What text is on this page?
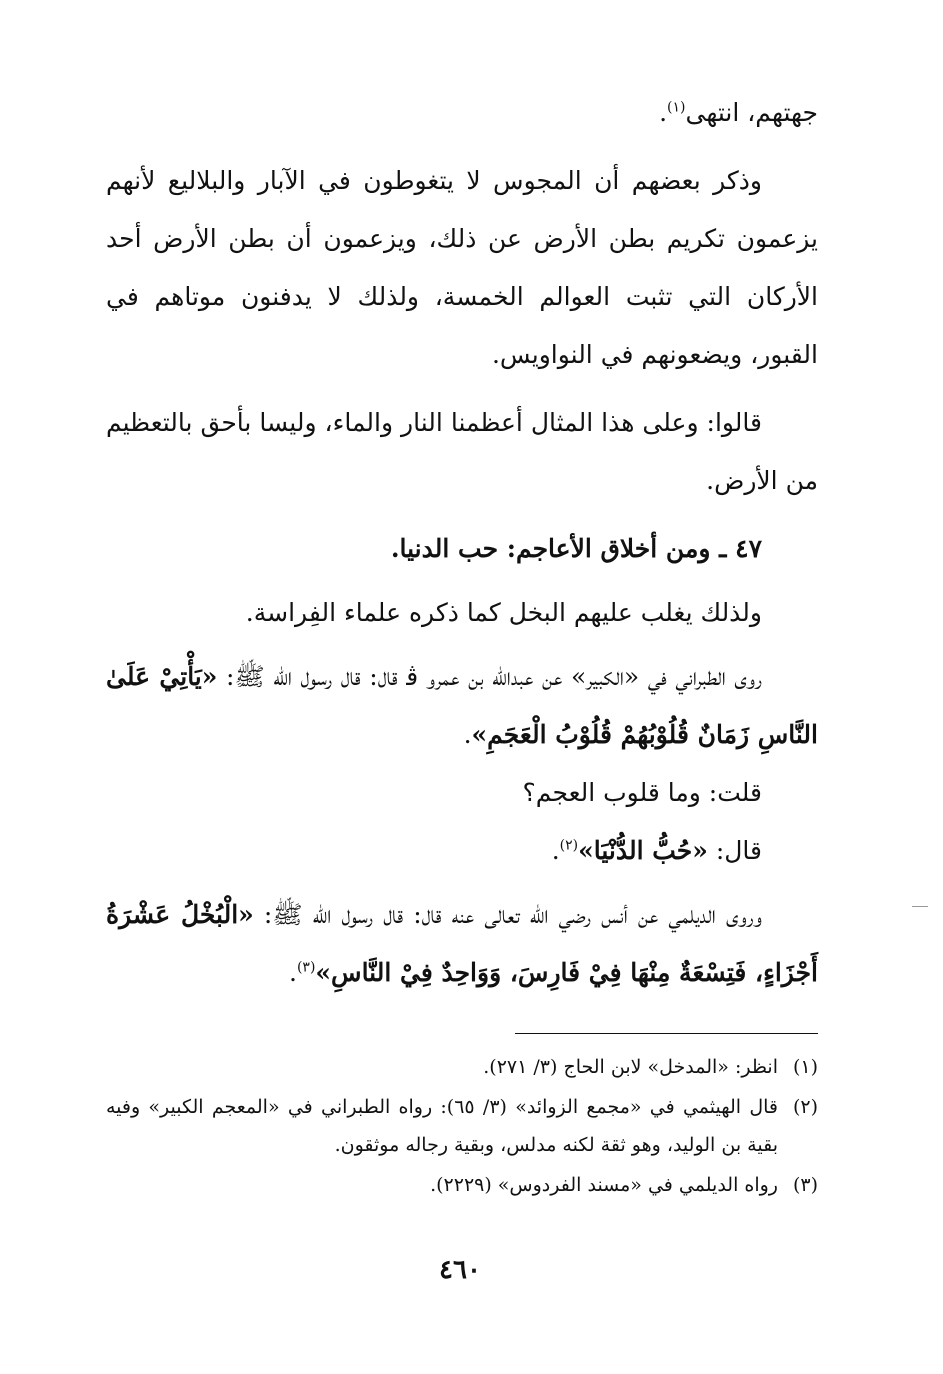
جهتهم، انتهى$^{(١)}$.

وذكر بعضهم أن المجوس لا يتغوطون في الآبار والبلاليع لأنهم يزعمون تكريم بطن الأرض عن ذلك، ويزعمون أن بطن الأرض أحد الأركان التي تثبت العوالم الخمسة، ولذلك لا يدفنون موتاهم في القبور، ويضعونهم في النواويس.

قالوا: وعلى هذا المثال أعظمنا النار والماء، وليسا بأحق بالتعظيم من الأرض.

٤٧ ـ ومن أخلاق الأعاجم: حب الدنيا.

ولذلك يغلب عليهم البخل كما ذكره علماء الفِراسة.

روى الطبراني في «الكبير» عن عبدالله بن عمرو ﭬ قال: قال رسول الله ﷺ: «يَأْتِيْ عَلَىٰ النَّاسِ زَمَانٌ قُلُوْبُهُمْ قُلُوْبُ الْعَجَمِ».

قلت: وما قلوب العجم؟

قال: «حُبُّ الدُّنْيَا»$^{(٢)}$.

وروى الديلمي عن أنس رضي الله تعالى عنه قال: قال رسول الله ﷺ: «الْبُخْلُ عَشْرَةُ أَجْزَاءٍ، فَتِسْعَةٌ مِنْهَا فِيْ فَارِسَ، وَوَاحِدٌ فِيْ النَّاسِ»$^{(٣)}$.

(١)
انظر: «المدخل» لابن الحاج (٣/ ٢٧١).
(٢)
قال الهيثمي في «مجمع الزوائد» (٣/ ٦٥): رواه الطبراني في «المعجم الكبير» وفيه بقية بن الوليد، وهو ثقة لكنه مدلس، وبقية رجاله موثقون.
(٣)
رواه الديلمي في «مسند الفردوس» (٢٢٢٩).
٤٦٠
